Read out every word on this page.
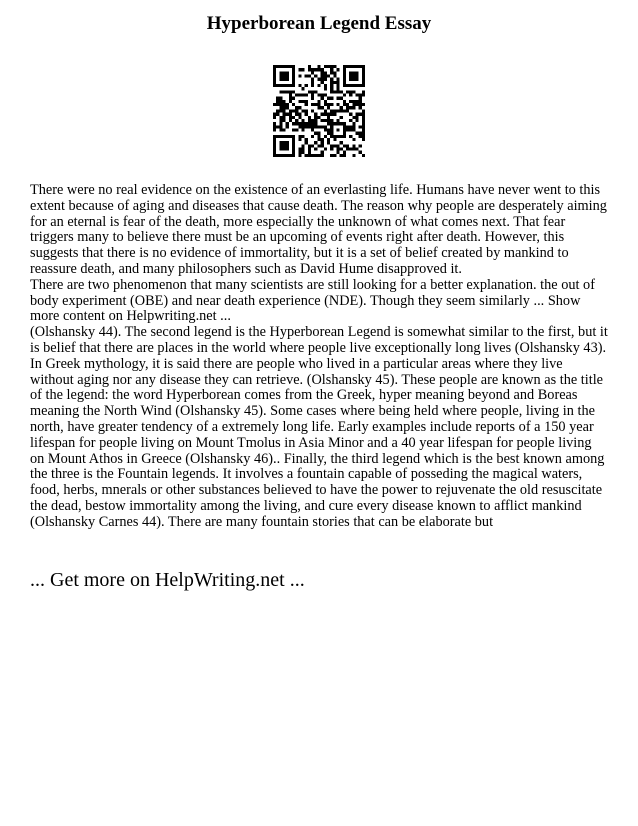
Hyperborean Legend Essay

There were no real evidence on the existence of an everlasting life. Humans have never went to this extent because of aging and diseases that cause death. The reason why people are desperately aiming for an eternal is fear of the death, more especially the unknown of what comes next. That fear triggers many to believe there must be an upcoming of events right after death. However, this suggests that there is no evidence of immortality, but it is a set of belief created by mankind to reassure death, and many philosophers such as David Hume disapproved it.

There are two phenomenon that many scientists are still looking for a better explanation. the out of body experiment (OBE) and near death experience (NDE). Though they seem similarly ... Show more content on Helpwriting.net ...

(Olshansky 44). The second legend is the Hyperborean Legend is somewhat similar to the first, but it is belief that there are places in the world where people live exceptionally long lives (Olshansky 43). In Greek mythology, it is said there are people who lived in a particular areas where they live without aging nor any disease they can retrieve. (Olshansky 45). These people are known as the title of the legend: the word Hyperborean comes from the Greek, hyper meaning beyond and Boreas meaning the North Wind (Olshansky 45). Some cases where being held where people, living in the north, have greater tendency of a extremely long life. Early examples include reports of a 150 year lifespan for people living on Mount Tmolus in Asia Minor and a 40 year lifespan for people living on Mount Athos in Greece (Olshansky 46).. Finally, the third legend which is the best known among the three is the Fountain legends. It involves a fountain capable of posseding the magical waters, food, herbs, mnerals or other substances believed to have the power to rejuvenate the old resuscitate the dead, bestow immortality among the living, and cure every disease known to afflict mankind (Olshansky Carnes 44). There are many fountain stories that can be elaborate but

... Get more on HelpWriting.net ...
